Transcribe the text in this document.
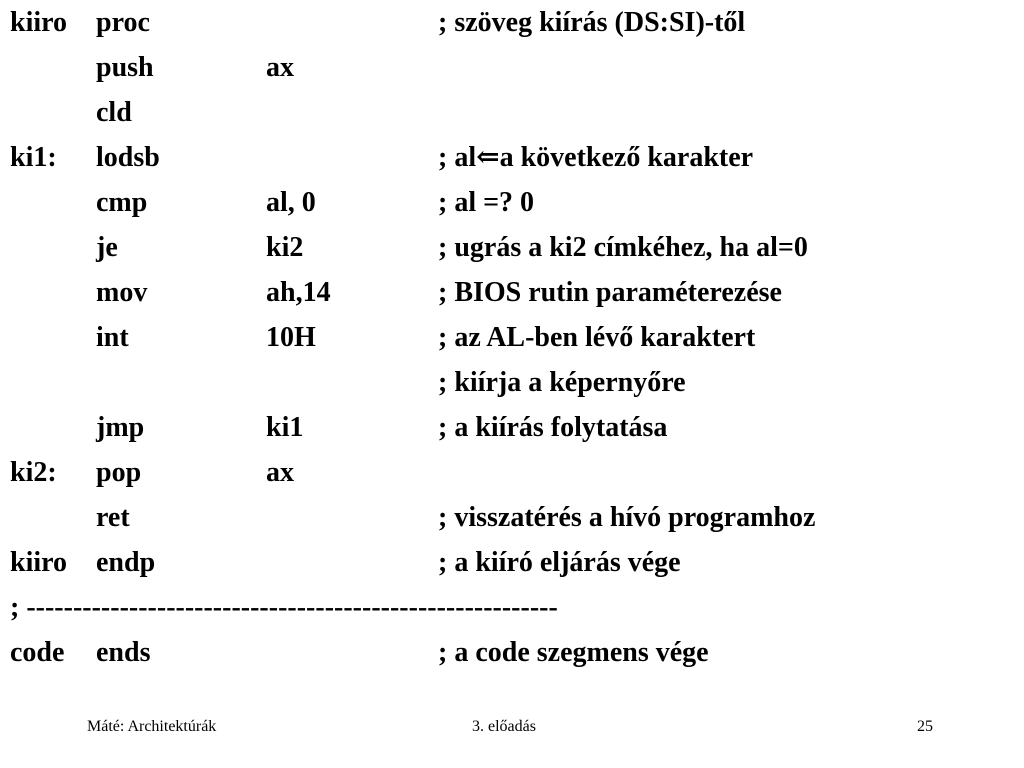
kiiro proc	; szöveg kiírás (DS:SI)-től
push	ax
cld
ki1: lodsb	; al⇐a következő karakter
cmp	al, 0	; al =? 0
je	ki2	; ugrás a ki2 címkéhez, ha al=0
mov	ah,14	; BIOS rutin paraméterezése
int	10H	; az AL-ben lévő karaktert
; kiírja a képernyőre
jmp	ki1	; a kiírás folytatása
ki2: pop	ax
ret	; visszatérés a hívó programhoz
kiiro endp	; a kiíró eljárás vége
; ---------------------------------------------------------
code ends	; a code szegmens vége
Máté: Architektúrák	3. előadás	25
